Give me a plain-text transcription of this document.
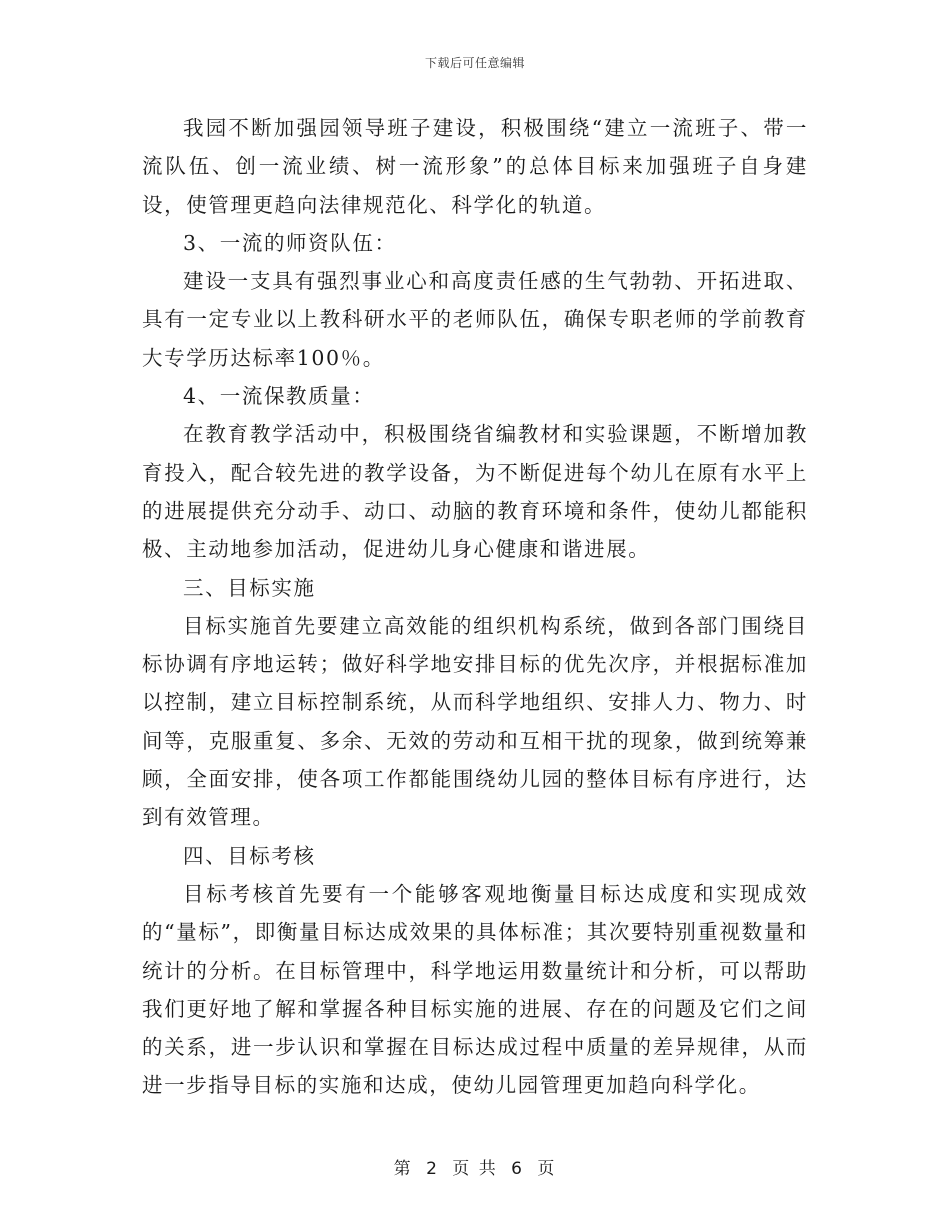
下载后可任意编辑

我园不断加强园领导班子建设，积极围绕“建立一流班子、带一流队伍、创一流业绩、树一流形象”的总体目标来加强班子自身建设，使管理更趋向法律规范化、科学化的轨道。

3、一流的师资队伍：

建设一支具有强烈事业心和高度责任感的生气勃勃、开拓进取、具有一定专业以上教科研水平的老师队伍，确保专职老师的学前教育大专学历达标率100％。

4、一流保教质量：

在教育教学活动中，积极围绕省编教材和实验课题，不断增加教育投入，配合较先进的教学设备，为不断促进每个幼儿在原有水平上的进展提供充分动手、动口、动脑的教育环境和条件，使幼儿都能积极、主动地参加活动，促进幼儿身心健康和谐进展。

三、目标实施

目标实施首先要建立高效能的组织机构系统，做到各部门围绕目标协调有序地运转；做好科学地安排目标的优先次序，并根据标准加以控制，建立目标控制系统，从而科学地组织、安排人力、物力、时间等，克服重复、多余、无效的劳动和互相干扰的现象，做到统筹兼顾，全面安排，使各项工作都能围绕幼儿园的整体目标有序进行，达到有效管理。

四、目标考核

目标考核首先要有一个能够客观地衡量目标达成度和实现成效的“量标”，即衡量目标达成效果的具体标准；其次要特别重视数量和统计的分析。在目标管理中，科学地运用数量统计和分析，可以帮助我们更好地了解和掌握各种目标实施的进展、存在的问题及它们之间的关系，进一步认识和掌握在目标达成过程中质量的差异规律，从而进一步指导目标的实施和达成，使幼儿园管理更加趋向科学化。

第 2 页 共 6 页
